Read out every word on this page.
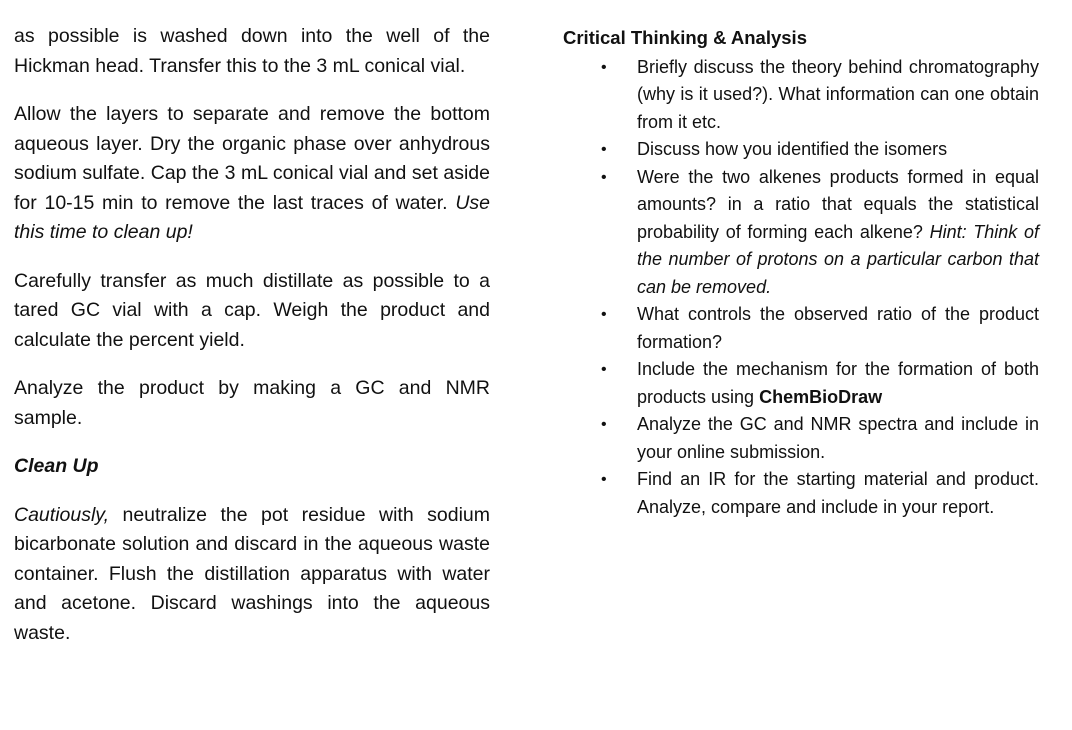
as possible is washed down into the well of the Hickman head. Transfer this to the 3 mL conical vial.

Allow the layers to separate and remove the bottom aqueous layer. Dry the organic phase over anhydrous sodium sulfate. Cap the 3 mL conical vial and set aside for 10-15 min to remove the last traces of water. Use this time to clean up!

Carefully transfer as much distillate as possible to a tared GC vial with a cap. Weigh the product and calculate the percent yield.

Analyze the product by making a GC and NMR sample.

Clean Up

Cautiously, neutralize the pot residue with sodium bicarbonate solution and discard in the aqueous waste container. Flush the distillation apparatus with water and acetone. Discard washings into the aqueous waste.

Critical Thinking & Analysis
• Briefly discuss the theory behind chromatography (why is it used?). What information can one obtain from it etc.
• Discuss how you identified the isomers
• Were the two alkenes products formed in equal amounts? in a ratio that equals the statistical probability of forming each alkene? Hint: Think of the number of protons on a particular carbon that can be removed.
• What controls the observed ratio of the product formation?
• Include the mechanism for the formation of both products using ChemBioDraw
• Analyze the GC and NMR spectra and include in your online submission.
• Find an IR for the starting material and product. Analyze, compare and include in your report.
